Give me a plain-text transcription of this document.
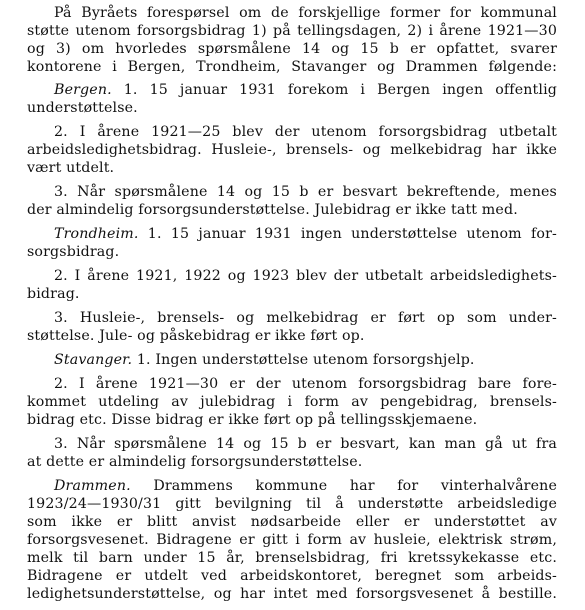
På Byråets forespørsel om de forskjellige former for kommunal
støtte utenom forsorgsbidrag 1) på tellingsdagen, 2) i årene 1921—30
og 3) om hvorledes spørsmålene 14 og 15 b er opfattet, svarer
kontorene i Bergen, Trondheim, Stavanger og Drammen følgende:
Bergen. 1. 15 januar 1931 forekom i Bergen ingen offentlig
understøttelse.
2. I årene 1921—25 blev der utenom forsorgsbidrag utbetalt
arbeidsledighetsbidrag. Husleie-, brensels- og melkebidrag har ikke
vært utdelt.
3. Når spørsmålene 14 og 15 b er besvart bekreftende, menes
der almindelig forsorgsunderstøttelse. Julebidrag er ikke tatt med.
Trondheim. 1. 15 januar 1931 ingen understøttelse utenom for-
sorgsbidrag.
2. I årene 1921, 1922 og 1923 blev der utbetalt arbeidsledighets-
bidrag.
3. Husleie-, brensels- og melkebidrag er ført op som under-
støttelse. Jule- og påskebidrag er ikke ført op.
Stavanger. 1. Ingen understøttelse utenom forsorgshjelp.
2. I årene 1921—30 er der utenom forsorgsbidrag bare fore-
kommet utdeling av julebidrag i form av pengebidrag, brensels-
bidrag etc. Disse bidrag er ikke ført op på tellingsskjemaene.
3. Når spørsmålene 14 og 15 b er besvart, kan man gå ut fra
at dette er almindelig forsorgsunderstøttelse.
Drammen. Drammens kommune har for vinterhalvårene
1923/24—1930/31 gitt bevilgning til å understøtte arbeidsledige
som ikke er blitt anvist nødsarbeide eller er understøttet av
forsorgsvesenet. Bidragene er gitt i form av husleie, elektrisk strøm,
melk til barn under 15 år, brenselsbidrag, fri kretssykekasse etc.
Bidragene er utdelt ved arbeidskontoret, beregnet som arbeids-
ledighetsunderstøttelse, og har intet med forsorgsvesenet å bestille.
